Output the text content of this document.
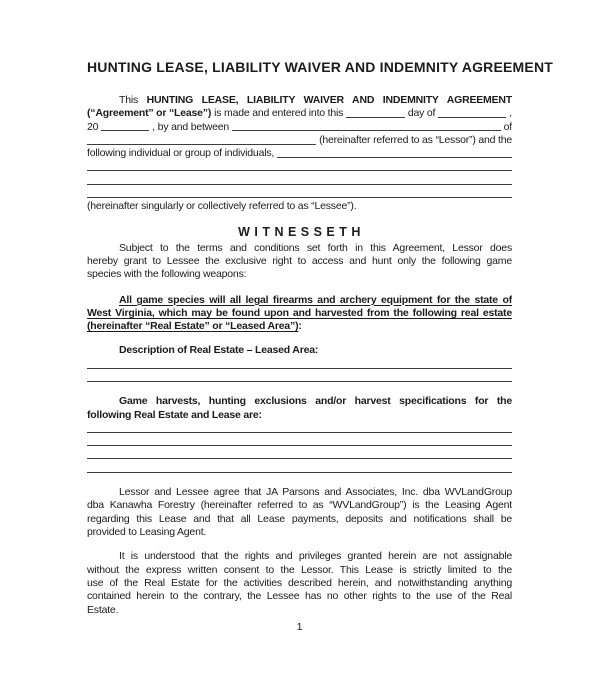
HUNTING LEASE, LIABILITY WAIVER AND INDEMNITY AGREEMENT
This HUNTING LEASE, LIABILITY WAIVER AND INDEMNITY AGREEMENT
(“Agreement” or “Lease”) is made and entered into this	day of	,
20	, by and between	of
(hereinafter referred to as “Lessor”) and the
following individual or group of individuals,
(hereinafter singularly or collectively referred to as “Lessee”).
W I T N E S S E T H
Subject to the terms and conditions set forth in this Agreement, Lessor does
hereby grant to Lessee the exclusive right to access and hunt only the following game
species with the following weapons:
All game species will all legal firearms and archery equipment for the state of
West Virginia, which may be found upon and harvested from the following real estate
(hereinafter “Real Estate” or “Leased Area”):
Description of Real Estate – Leased Area:
Game harvests, hunting exclusions and/or harvest specifications for the
following Real Estate and Lease are:
Lessor and Lessee agree that JA Parsons and Associates, Inc. dba WVLandGroup
dba Kanawha Forestry (hereinafter referred to as “WVLandGroup”) is the Leasing Agent
regarding this Lease and that all Lease payments, deposits and notifications shall be
provided to Leasing Agent.
It is understood that the rights and privileges granted herein are not assignable
without the express written consent to the Lessor. This Lease is strictly limited to the
use of the Real Estate for the activities described herein, and notwithstanding anything
contained herein to the contrary, the Lessee has no other rights to the use of the Real
Estate.
1
